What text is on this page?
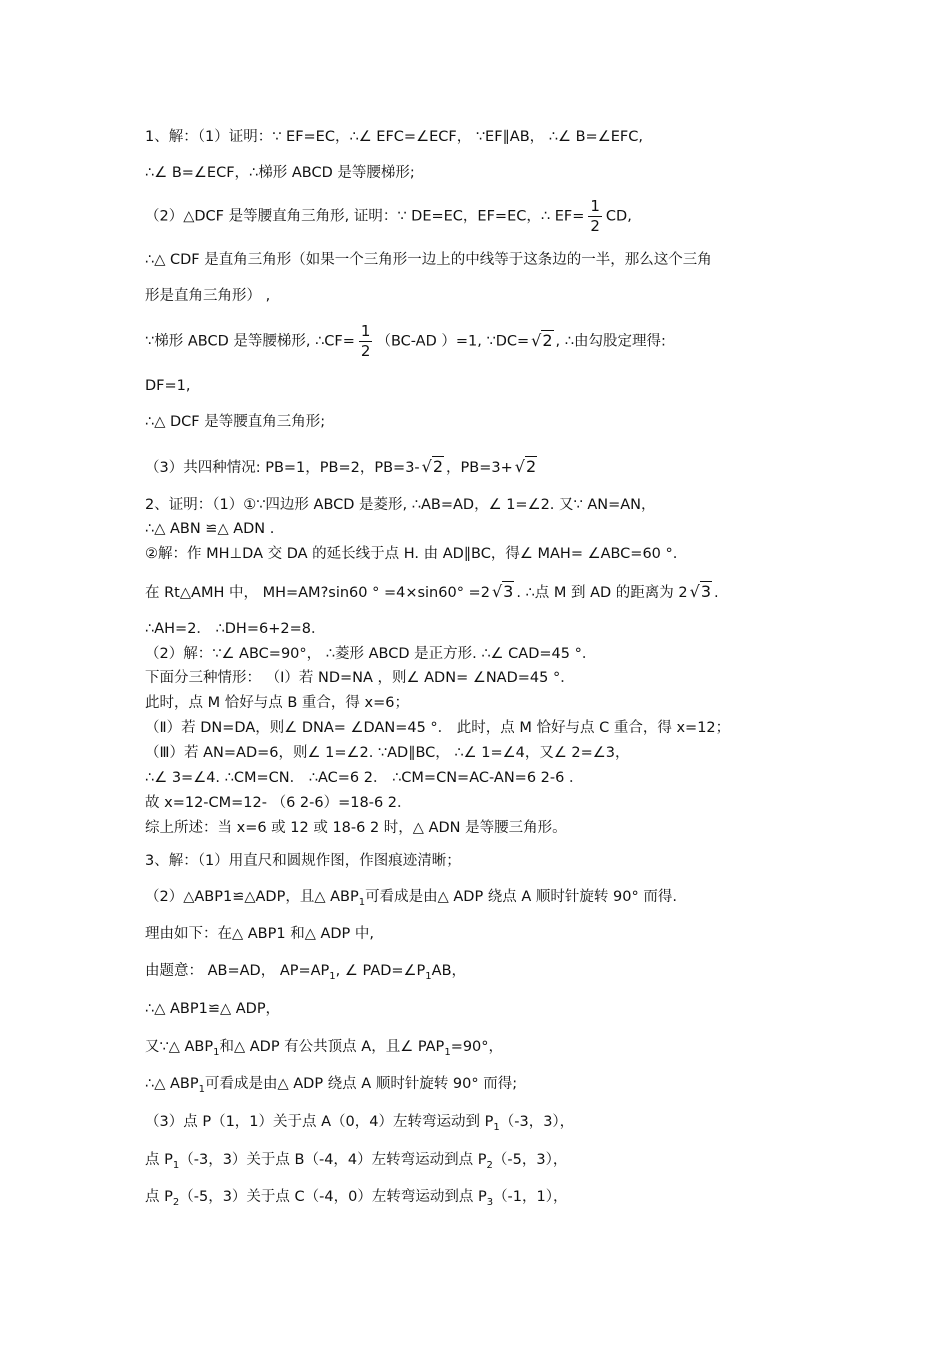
1、解：（1）证明：∵ EF=EC，∴∠ EFC=∠ECF， ∵EF∥AB， ∴∠ B=∠EFC,
∴∠ B=∠ECF，∴梯形 ABCD 是等腰梯形;
（2）△DCF 是等腰直角三角形, 证明：∵ DE=EC，EF=EC，∴ $EF= \frac{1}{2}$ CD,
∴△ CDF 是直角三角形（如果一个三角形一边上的中线等于这条边的一半，那么这个三角
形是直角三角形） ,
∵梯形 ABCD 是等腰梯形, ∴CF= $\frac{1}{2} (BC-AD$ ）=1, ∵DC= √2 , ∴由勾股定理得:
DF=1,
∴△ DCF 是等腰直角三角形;
（3）共四种情况: PB=1，PB=2，PB=3- √2 ，PB=3+ √2
2、证明：（1）①∵四边形 ABCD 是菱形, ∴AB=AD，∠ 1=∠2. 又∵ AN=AN，
∴△ ABN ≌△ ADN .
②解：作 MH⊥DA 交 DA 的延长线于点 H. 由 AD∥BC，得∠ MAH= ∠ABC=60 °.
在 Rt△AMH 中， MH=AM?sin60 ° =4×sin60° =2 √3 . ∴点 M 到 AD 的距离为 2 √3 .
∴AH=2． ∴DH=6+2=8．
（2）解：∵∠ ABC=90°， ∴菱形 ABCD 是正方形. ∴∠ CAD=45 °．
下面分三种情形： （Ⅰ）若 ND=NA ，则∠ ADN= ∠NAD=45 °．
此时，点 M 恰好与点 B 重合，得 x=6；
（Ⅱ）若 DN=DA，则∠ DNA= ∠DAN=45 °． 此时，点 M 恰好与点 C 重合，得 x=12；
（Ⅲ）若 AN=AD=6，则∠ 1=∠2. ∵AD∥BC， ∴∠ 1=∠4，又∠ 2=∠3，
∴∠ 3=∠4. ∴CM=CN． ∴AC=6 2． ∴CM=CN=AC-AN=6 2-6 ．
故 x=12-CM=12- （6 2-6）=18-6 2．
综上所述：当 x=6 或 12 或 18-6 2 时，△ ADN 是等腰三角形。
3、解：（1）用直尺和圆规作图，作图痕迹清晰；
（2）△ABP1≌△ADP，且△ $ABP_1$可看成是由△ ADP 绕点 A 顺时针旋转 90° 而得.
理由如下：在△ ABP1 和△ ADP 中,
由题意： AB=AD， $AP=AP_1$, ∠ $PAD=\angle P_1AB$，
∴△ ABP1≌△ ADP，
又∵△ $ABP_1$和△ ADP 有公共顶点 A，且∠ $PAP_1=90^\circ$，
∴△ $ABP_1$可看成是由△ ADP 绕点 A 顺时针旋转 90° 而得;
（3）点 P（1，1）关于点 A（0，4）左转弯运动到 $P_1(-3$，3），
点 $P_1(-3$，3）关于点 B（-4，4）左转弯运动到点 $P_2(-5$，3），
点 $P_2(-5$，3）关于点 C（-4，0）左转弯运动到点 $P_3(-1$，1），
